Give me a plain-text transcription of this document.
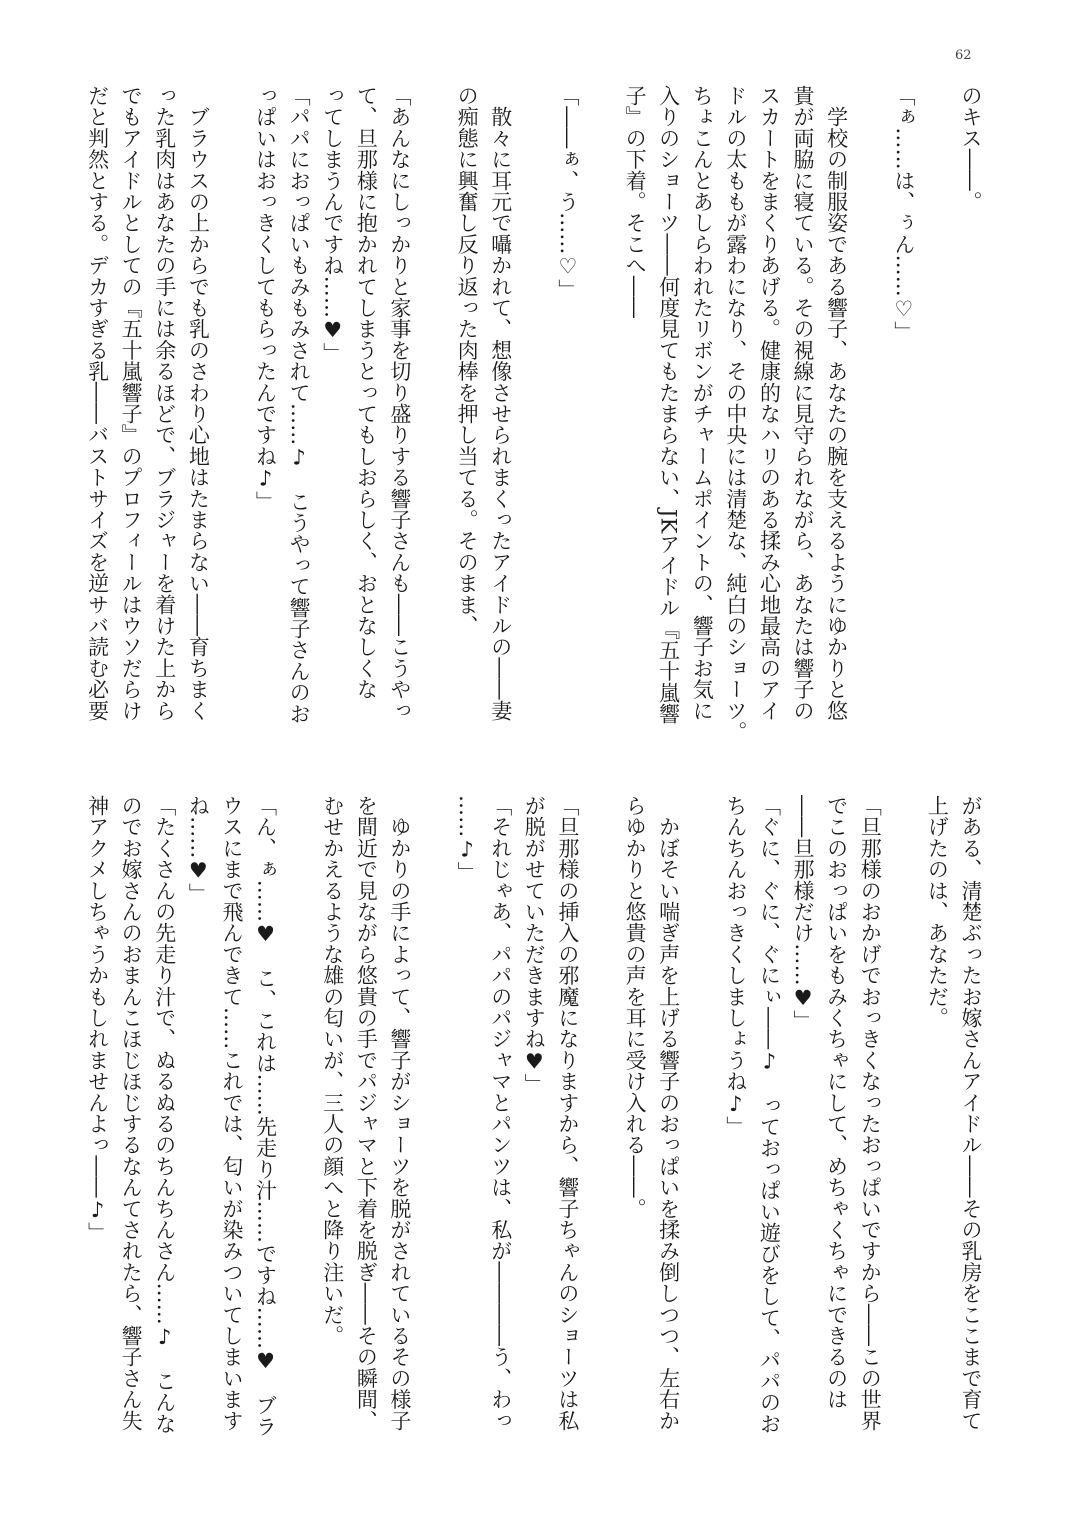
62
のキス――。
「ぁ……は、ぅん……♡」
　学校の制服姿である響子、あなたの腕を支えるようにゆかりと悠
貴が両脇に寝ている。その視線に見守られながら、あなたは響子の
スカートをまくりあげる。健康的なハリのある揉み心地最高のアイ
ドルの太ももが露わになり、その中央には清楚な、純白のショーツ。
ちょこんとあしらわれたリボンがチャームポイントの、響子お気に
入りのショーツ――何度見てもたまらない、JKアイドル『五十嵐響
子』の下着。そこへ――
「――ぁ、う……♡」
　散々に耳元で囁かれて、想像させられまくったアイドルの――妻
の痴態に興奮し反り返った肉棒を押し当てる。そのまま、
「あんなにしっかりと家事を切り盛りする響子さんも――こうやっ
て、旦那様に抱かれてしまうとってもしおらしく、おとなしくな
ってしまうんですね……♥」
「パパにおっぱいもみもみされて……♪　こうやって響子さんのお
っぱいはおっきくしてもらったんですね♪」
　ブラウスの上からでも乳のさわり心地はたまらない――育ちまく
った乳肉はあなたの手には余るほどで、ブラジャーを着けた上から
でもアイドルとしての『五十嵐響子』のプロフィールはウソだらけ
だと判然とする。デカすぎる乳――バストサイズを逆サバ読む必要
がある、清楚ぶったお嫁さんアイドル――その乳房をここまで育て
上げたのは、あなただ。
「旦那様のおかげでおっきくなったおっぱいですから――この世界
でこのおっぱいをもみくちゃにして、めちゃくちゃにできるのは
――旦那様だけ……♥」
「ぐに、ぐに、ぐにぃ――♪　っておっぱい遊びをして、パパのお
ちんちんおっきくしましょうね♪」
　かぼそい喘ぎ声を上げる響子のおっぱいを揉み倒しつつ、左右か
らゆかりと悠貴の声を耳に受け入れる――。
「旦那様の挿入の邪魔になりますから、響子ちゃんのショーツは私
が脱がせていただきますね♥」
「それじゃあ、パパのパジャマとパンツは、私が――――う、わっ
……♪」
　ゆかりの手によって、響子がショーツを脱がされているその様子
を間近で見ながら悠貴の手でパジャマと下着を脱ぎ――その瞬間、
むせかえるような雄の匂いが、三人の顔へと降り注いだ。
「ん、ぁ……♥　こ、これは……先走り汁……ですね……♥　ブラ
ウスにまで飛んできて……これでは、匂いが染みついてしまいます
ね……♥」
「たくさんの先走り汁で、ぬるぬるのちんちんさん……♪　こんな
のでお嫁さんのおまんこほじほじするなんてされたら、響子さん失
神アクメしちゃうかもしれませんよっ――♪」
